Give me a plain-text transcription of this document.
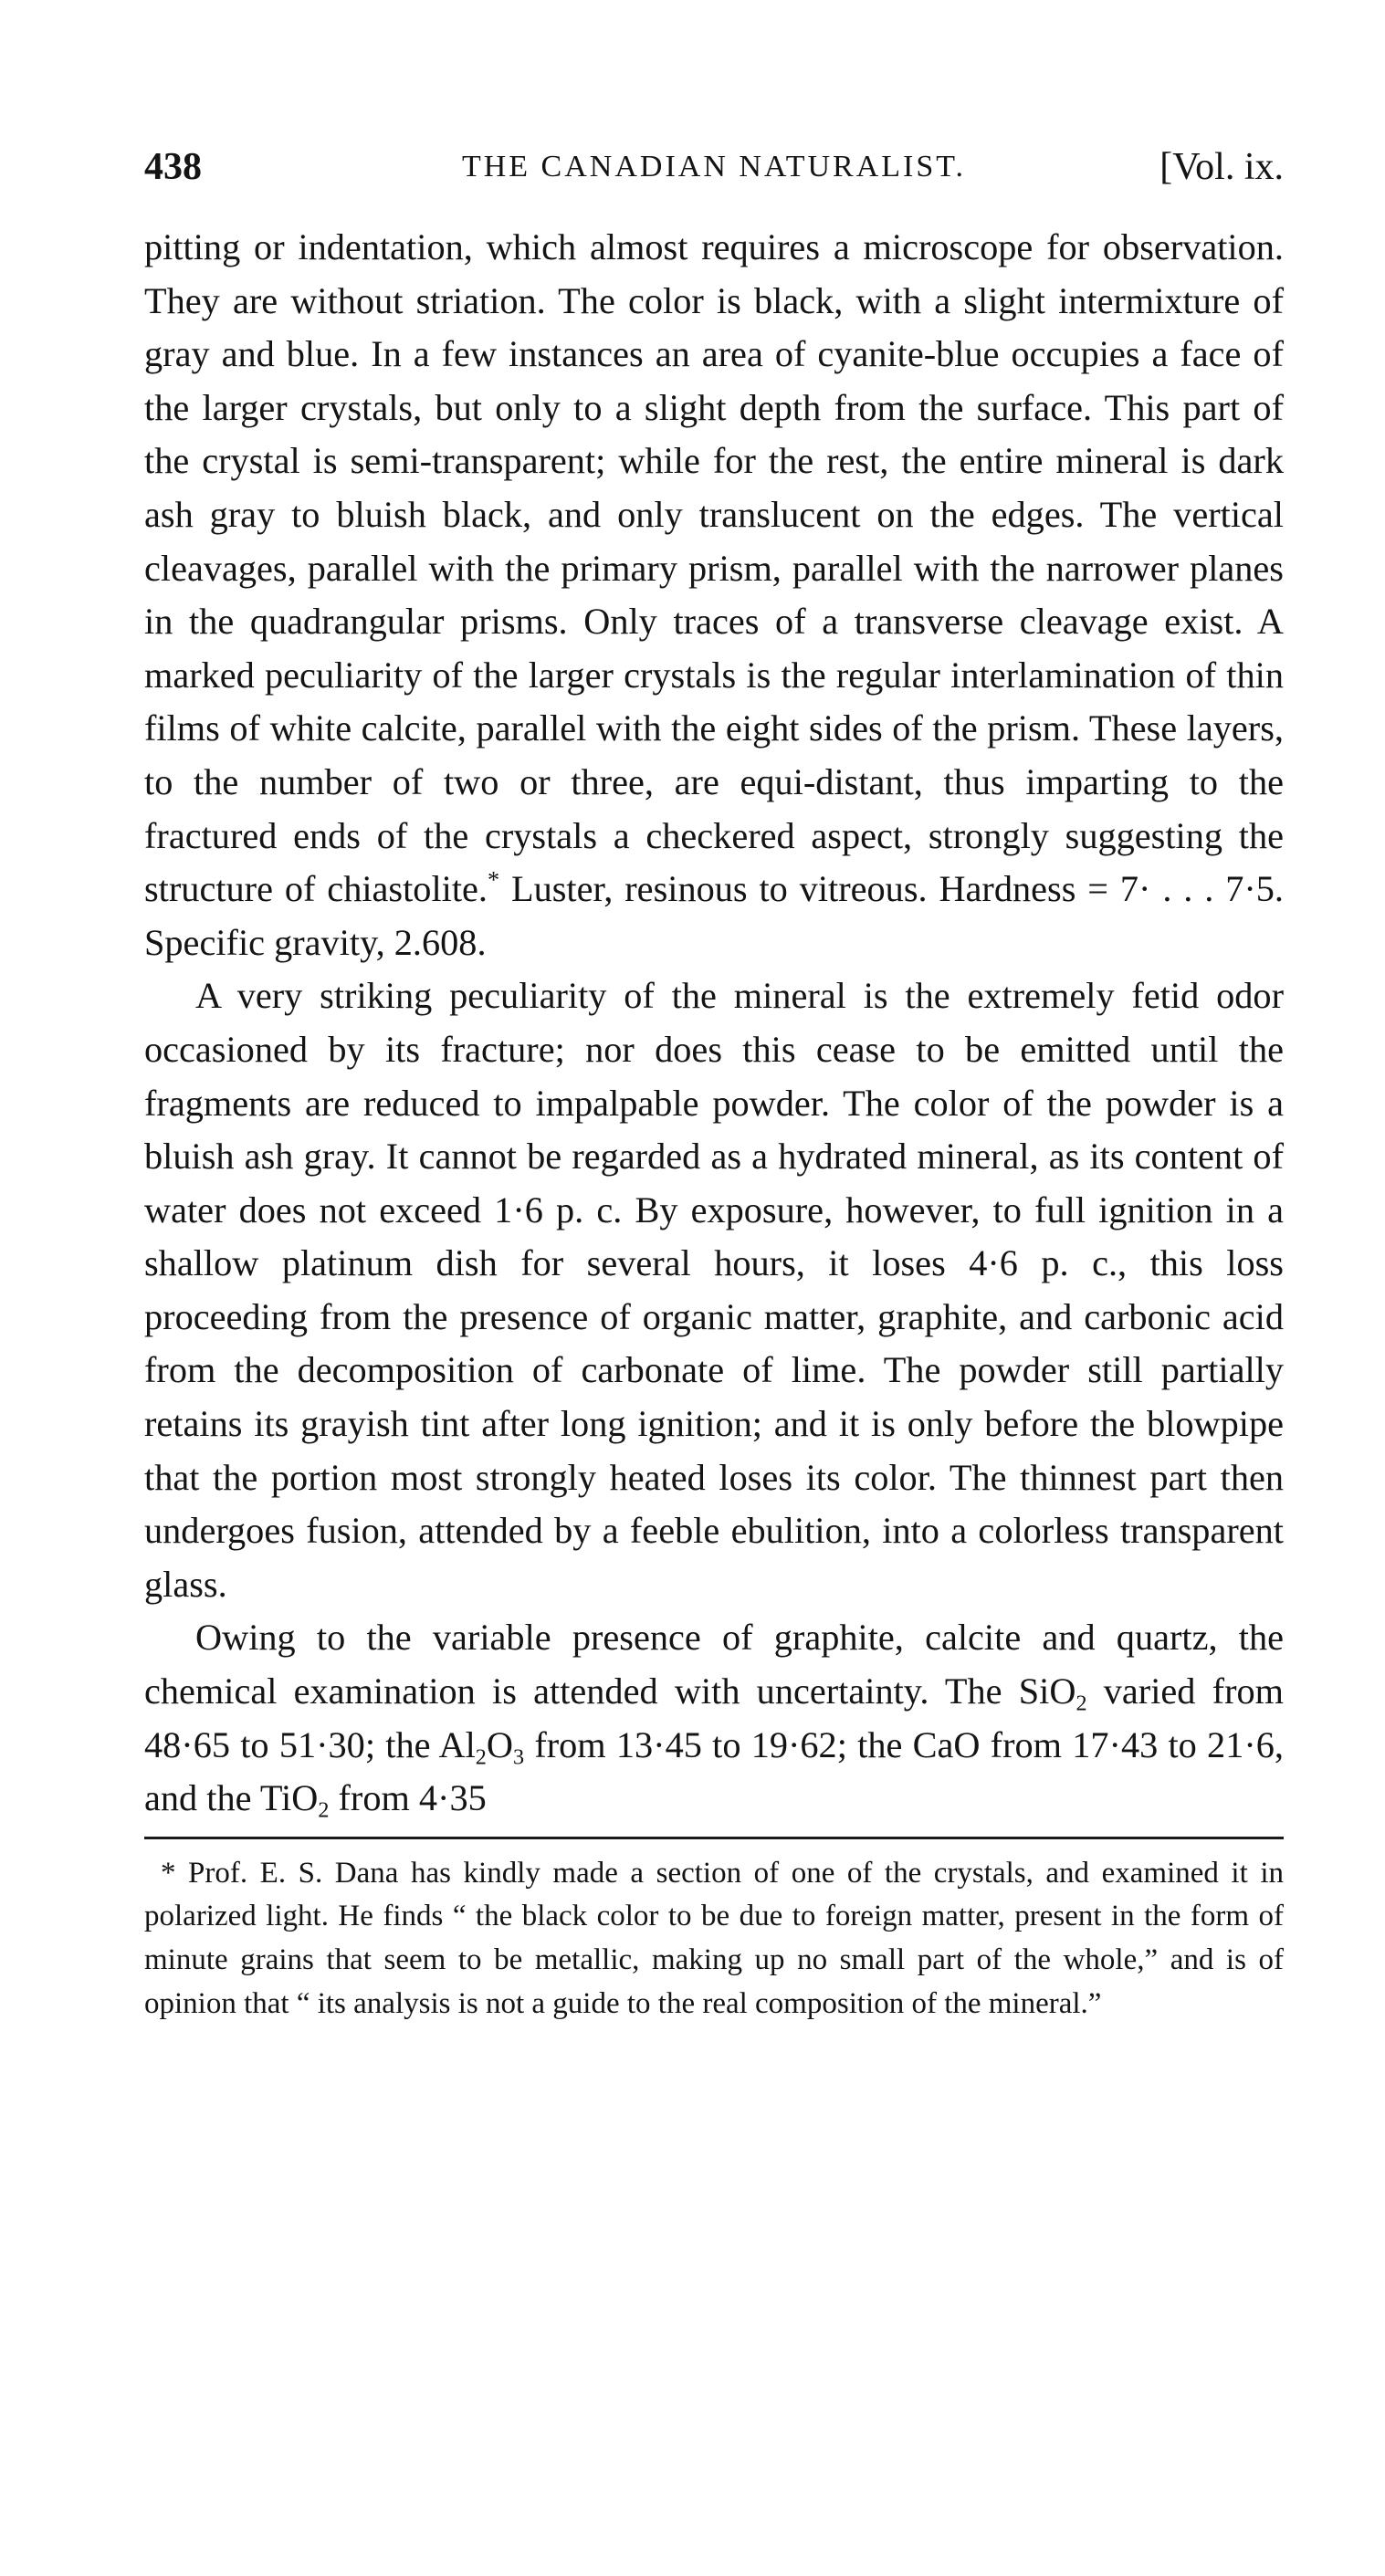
438	THE CANADIAN NATURALIST.	[Vol. ix.

pitting or indentation, which almost requires a microscope for observation. They are without striation. The color is black, with a slight intermixture of gray and blue. In a few instances an area of cyanite-blue occupies a face of the larger crystals, but only to a slight depth from the surface. This part of the crystal is semi-transparent; while for the rest, the entire mineral is dark ash gray to bluish black, and only translucent on the edges. The vertical cleavages, parallel with the primary prism, parallel with the narrower planes in the quadrangular prisms. Only traces of a transverse cleavage exist. A marked peculiarity of the larger crystals is the regular interlamination of thin films of white calcite, parallel with the eight sides of the prism. These layers, to the number of two or three, are equi-distant, thus imparting to the fractured ends of the crystals a checkered aspect, strongly suggesting the structure of chiastolite.* Luster, resinous to vitreous. Hardness = 7· . . . 7·5. Specific gravity, 2.608.

A very striking peculiarity of the mineral is the extremely fetid odor occasioned by its fracture; nor does this cease to be emitted until the fragments are reduced to impalpable powder. The color of the powder is a bluish ash gray. It cannot be regarded as a hydrated mineral, as its content of water does not exceed 1·6 p. c. By exposure, however, to full ignition in a shallow platinum dish for several hours, it loses 4·6 p. c., this loss proceeding from the presence of organic matter, graphite, and carbonic acid from the decomposition of carbonate of lime. The powder still partially retains its grayish tint after long ignition; and it is only before the blowpipe that the portion most strongly heated loses its color. The thinnest part then undergoes fusion, attended by a feeble ebulition, into a colorless transparent glass.

Owing to the variable presence of graphite, calcite and quartz, the chemical examination is attended with uncertainty. The SiO$_2$ varied from 48·65 to 51·30; the $Al_2O_3$ from 13·45 to 19·62; the CaO from 17·43 to 21·6, and the TiO$_2$ from 4·35

* Prof. E. S. Dana has kindly made a section of one of the crystals, and examined it in polarized light. He finds “ the black color to be due to foreign matter, present in the form of minute grains that seem to be metallic, making up no small part of the whole,” and is of opinion that “ its analysis is not a guide to the real composition of the mineral.”
